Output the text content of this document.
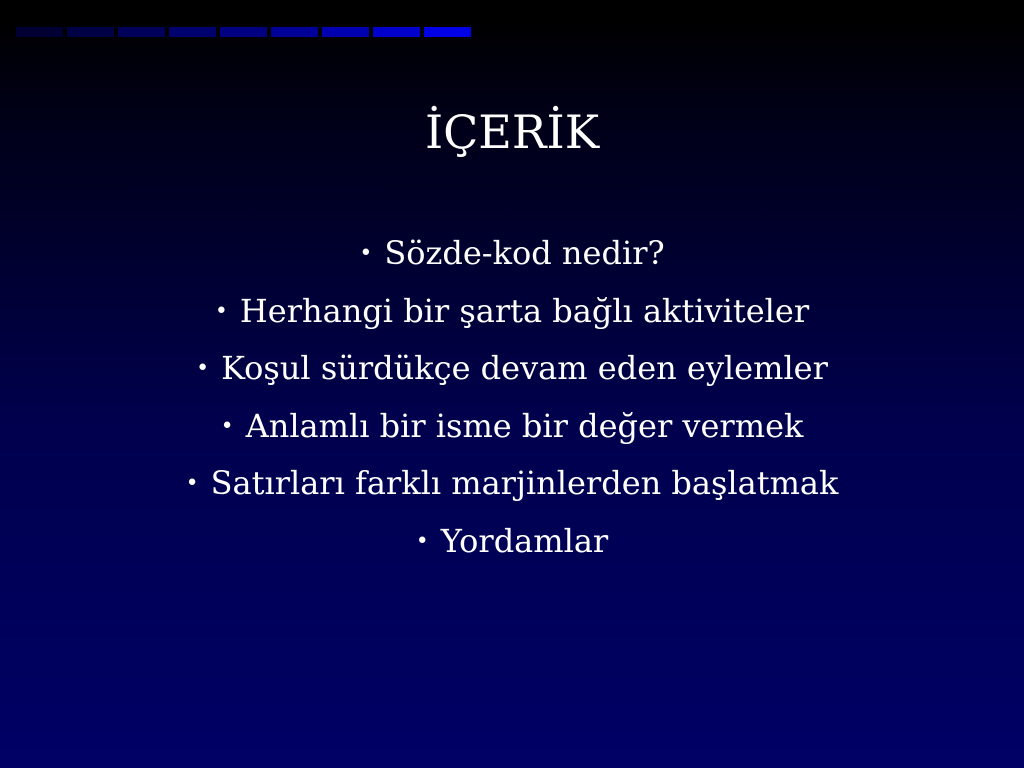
İÇERİK
• Sözde-kod nedir?
• Herhangi bir şarta bağlı aktiviteler
• Koşul sürdükçe devam eden eylemler
• Anlamlı bir isme bir değer vermek
• Satırları farklı marjinlerden başlatmak
• Yordamlar
